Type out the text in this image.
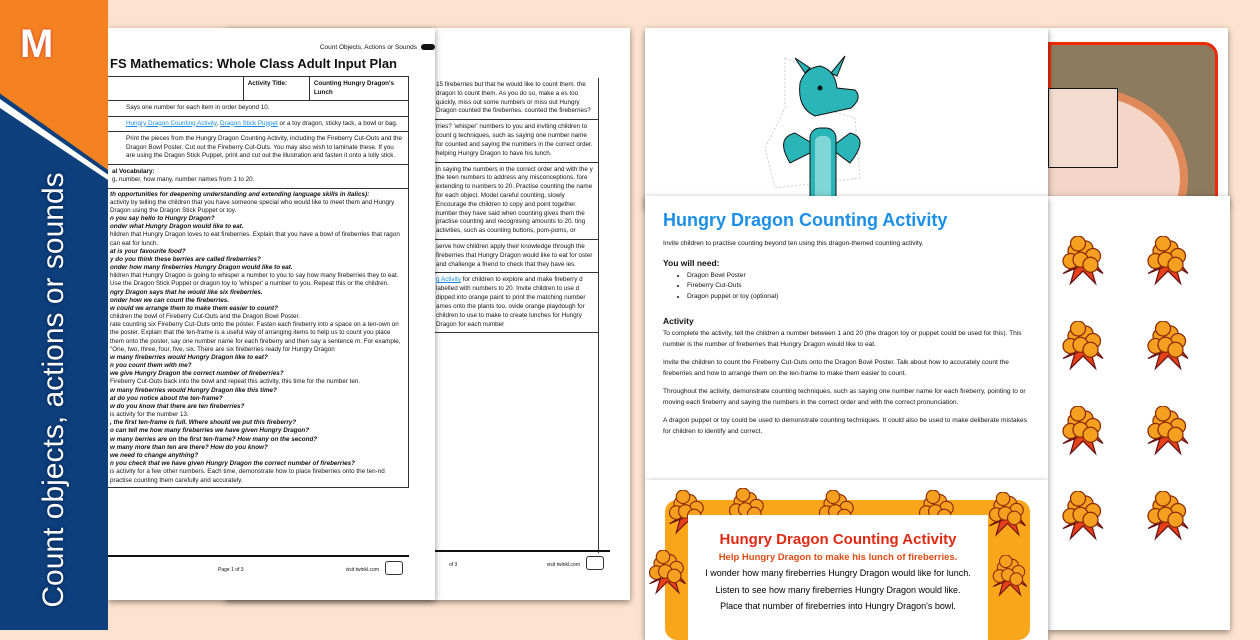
M
Count objects, actions or sounds
15 fireberries but that he would like to count them. the dragon to count them. As you do so, make a es too quickly, miss out some numbers or miss out Hungry Dragon counted the fireberries. counted the fireberries?
rries? 'whisper' numbers to you and inviting children to count g techniques, such as saying one number name for counted and saying the numbers in the correct order. helping Hungry Dragon to have his lunch.
in saying the numbers in the correct order and with the y the teen numbers to address any misconceptions. fore extending to numbers to 20. Practise counting the name for each object. Model careful counting, slowly Encourage the children to copy and point together. number they have said when counting gives them the practise counting and recognising amounts to 20. ting activities, such as counting buttons, pom-poms, or
serve how children apply their knowledge through the fireberries that Hungry Dragon would like to eat for oster and challenge a friend to check that they have ies.
g Activity for children to explore and make fireberry d labelled with numbers to 20. Invite children to use d dipped into orange paint to print the matching number ames onto the plants too. ovide orange playdough for children to use to make to create lunches for Hungry Dragon for each number
of 3	visit twinkl.com
Count Objects, Actions or Sounds
FS Mathematics: Whole Class Adult Input Plan
	Activity Title:	Counting Hungry Dragon's Lunch
Says one number for each item in order beyond 10.
Hungry Dragon Counting Activity, Dragon Stick Puppet or a toy dragon, sticky tack, a bowl or bag.
Print the pieces from the Hungry Dragon Counting Activity, including the Fireberry Cut-Outs and the Dragon Bowl Poster. Cut out the Fireberry Cut-Outs. You may also wish to laminate these. If you are using the Dragon Stick Puppet, print and cut out the illustration and fasten it onto a lolly stick.
al Vocabulary:
g, number, how many, number names from 1 to 20.

th opportunities for deepening understanding and extending language skills in italics):
activity by telling the children that you have someone special who would like to meet them and Hungry Dragon using the Dragon Stick Puppet or toy.
n you say hello to Hungry Dragon?
onder what Hungry Dragon would like to eat.
hildren that Hungry Dragon loves to eat fireberries. Explain that you have a bowl of fireberries that ragon can eat for lunch.
at is your favourite food?
y do you think these berries are called fireberries?
onder how many fireberries Hungry Dragon would like to eat.
hildren that Hungry Dragon is going to whisper a number to you to say how many fireberries they to eat. Use the Dragon Stick Puppet or dragon toy to 'whisper' a number to you. Repeat this or the children.
ngry Dragon says that he would like six fireberries.
onder how we can count the fireberries.
w could we arrange them to make them easier to count?
children the bowl of Fireberry Cut-Outs and the Dragon Bowl Poster.
rate counting six Fireberry Cut-Outs onto the poster. Fasten each fireberry into a space on a ten-own on the poster. Explain that the ten-frame is a useful way of arranging items to help us to count you place them onto the poster, say one number name for each fireberry and then say a sentence m. For example, "One, two, three, four, five, six. There are six fireberries ready for Hungry Dragon
w many fireberries would Hungry Dragon like to eat?
n you count them with me?
we give Hungry Dragon the correct number of fireberries?
Fireberry Cut-Outs back into the bowl and repeat this activity, this time for the number ten.
w many fireberries would Hungry Dragon like this time?
at do you notice about the ten-frame?
w do you know that there are ten fireberries?
is activity for the number 13.
, the first ten-frame is full. Where should we put this fireberry?
o can tell me how many fireberries we have given Hungry Dragon?
w many berries are on the first ten-frame? How many on the second?
w many more than ten are there? How do you know?
we need to change anything?
n you check that we have given Hungry Dragon the correct number of fireberries?
is activity for a few other numbers. Each time, demonstrate how to place fireberries onto the ten-nd practise counting them carefully and accurately.
Page 1 of 3	visit twinkl.com
Hungry Dragon Counting Activity

Invite children to practise counting beyond ten using this dragon-themed counting activity.

You will need:
• Dragon Bowl Poster
• Fireberry Cut-Outs
• Dragon puppet or toy (optional)
Activity

To complete the activity, tell the children a number between 1 and 20 (the dragon toy or puppet could be used for this). This number is the number of fireberries that Hungry Dragon would like to eat.

Invite the children to count the Fireberry Cut-Outs onto the Dragon Bowl Poster. Talk about how to accurately count the fireberries and how to arrange them on the ten-frame to make them easier to count.

Throughout the activity, demonstrate counting techniques, such as saying one number name for each fireberry, pointing to or moving each fireberry and saying the numbers in the correct order and with the correct pronunciation.

A dragon puppet or toy could be used to demonstrate counting techniques. It could also be used to make deliberate mistakes for children to identify and correct.

Hungry Dragon Counting Activity
Help Hungry Dragon to make his lunch of fireberries.
I wonder how many fireberries Hungry Dragon would like for lunch.
Listen to see how many fireberries Hungry Dragon would like.
Place that number of fireberries into Hungry Dragon's bowl.
